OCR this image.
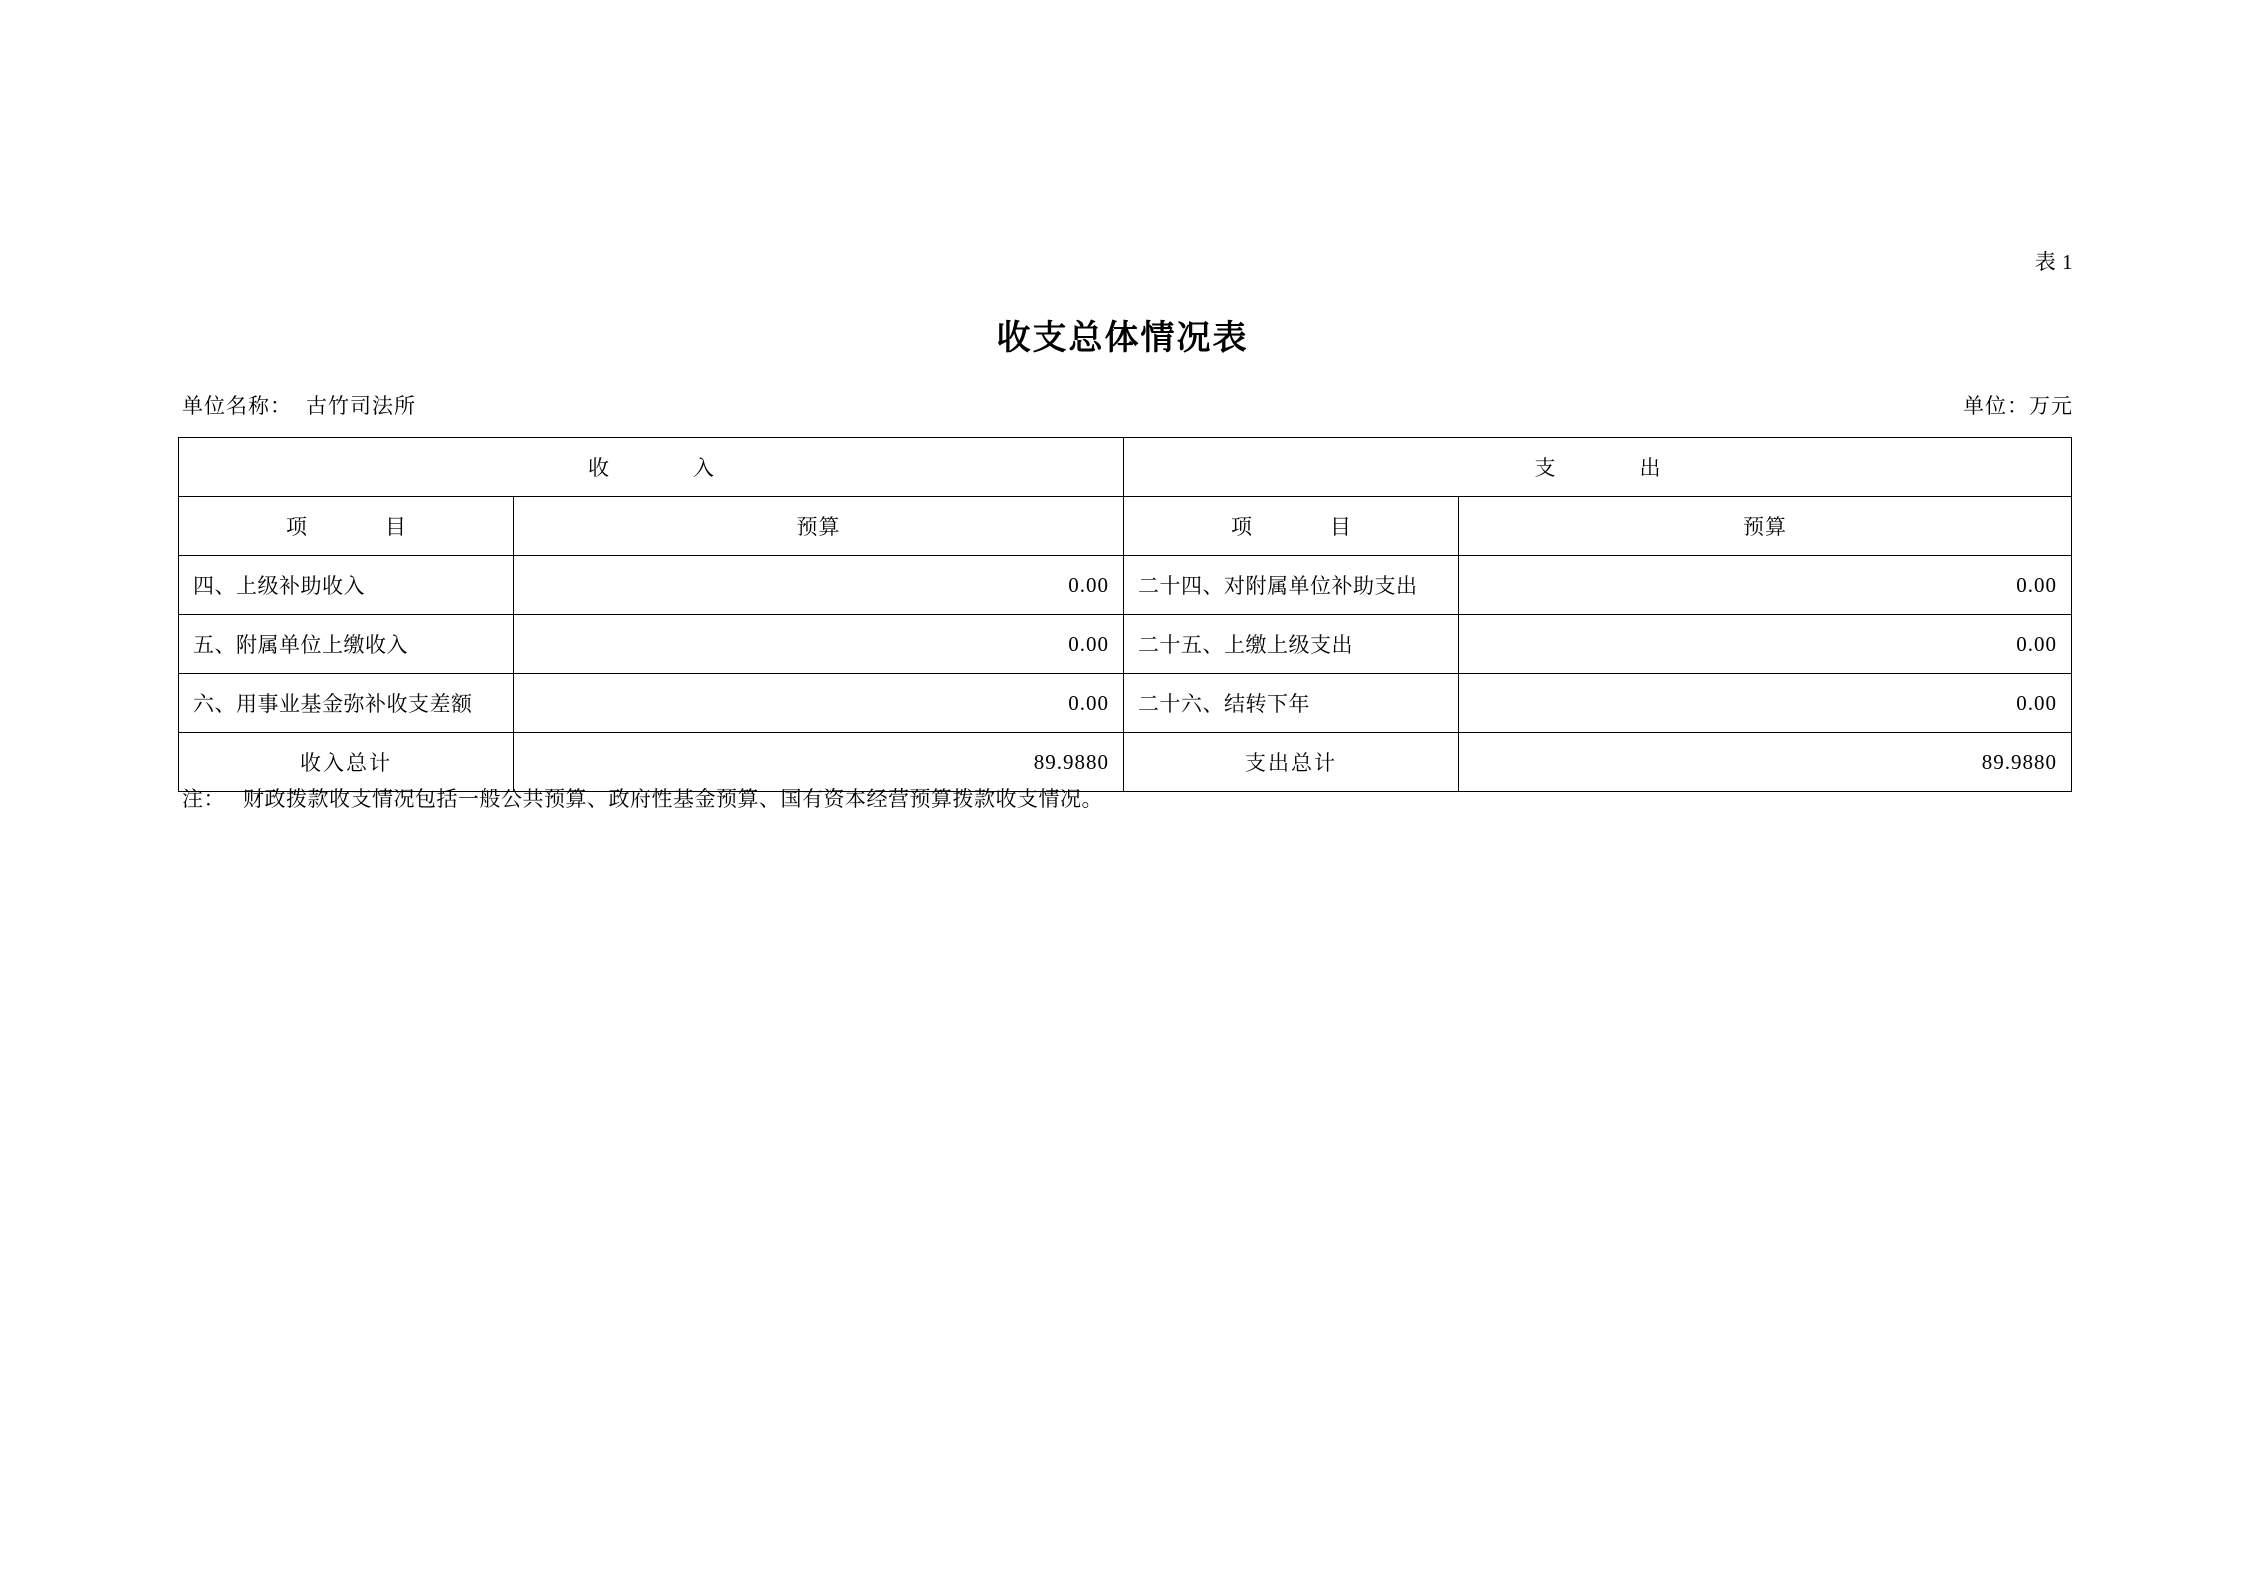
表 1
收支总体情况表
单位名称： 古竹司法所	单位：万元
收　　入		支　　出	
项　　目	预算	项　　目	预算
四、上级补助收入	0.00	二十四、对附属单位补助支出	0.00
五、附属单位上缴收入	0.00	二十五、上缴上级支出	0.00
六、用事业基金弥补收支差额	0.00	二十六、结转下年	0.00
收入总计	89.9880	支出总计	89.9880
注： 财政拨款收支情况包括一般公共预算、政府性基金预算、国有资本经营预算拨款收支情况。
